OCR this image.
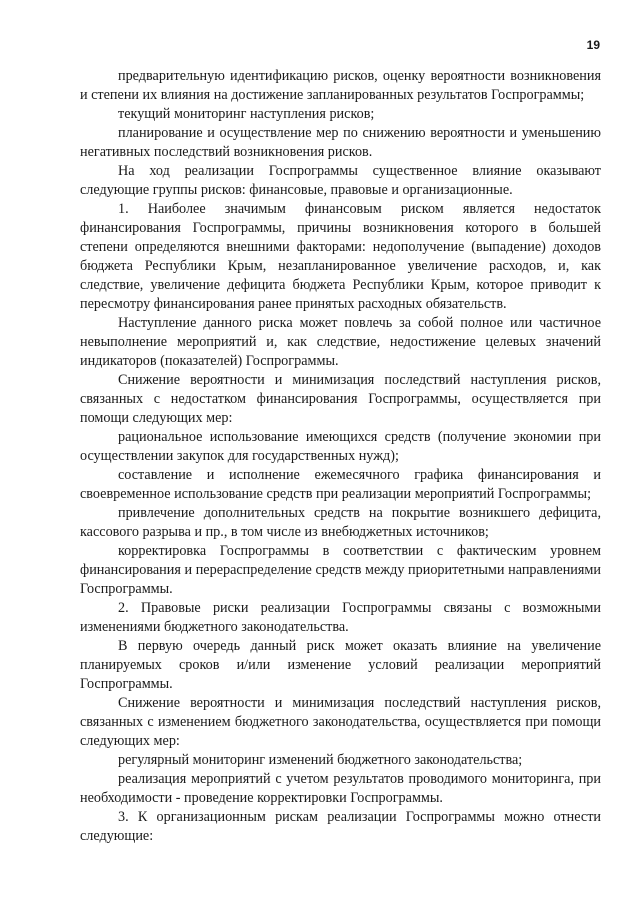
19

предварительную идентификацию рисков, оценку вероятности возникновения и степени их влияния на достижение запланированных результатов Госпрограммы;

текущий мониторинг наступления рисков;

планирование и осуществление мер по снижению вероятности и уменьшению негативных последствий возникновения рисков.

На ход реализации Госпрограммы существенное влияние оказывают следующие группы рисков: финансовые, правовые и организационные.

1. Наиболее значимым финансовым риском является недостаток финансирования Госпрограммы, причины возникновения которого в большей степени определяются внешними факторами: недополучение (выпадение) доходов бюджета Республики Крым, незапланированное увеличение расходов, и, как следствие, увеличение дефицита бюджета Республики Крым, которое приводит к пересмотру финансирования ранее принятых расходных обязательств.

Наступление данного риска может повлечь за собой полное или частичное невыполнение мероприятий и, как следствие, недостижение целевых значений индикаторов (показателей) Госпрограммы.

Снижение вероятности и минимизация последствий наступления рисков, связанных с недостатком финансирования Госпрограммы, осуществляется при помощи следующих мер:

рациональное использование имеющихся средств (получение экономии при осуществлении закупок для государственных нужд);

составление и исполнение ежемесячного графика финансирования и своевременное использование средств при реализации мероприятий Госпрограммы;

привлечение дополнительных средств на покрытие возникшего дефицита, кассового разрыва и пр., в том числе из внебюджетных источников;

корректировка Госпрограммы в соответствии с фактическим уровнем финансирования и перераспределение средств между приоритетными направлениями Госпрограммы.

2. Правовые риски реализации Госпрограммы связаны с возможными изменениями бюджетного законодательства.

В первую очередь данный риск может оказать влияние на увеличение планируемых сроков и/или изменение условий реализации мероприятий Госпрограммы.

Снижение вероятности и минимизация последствий наступления рисков, связанных с изменением бюджетного законодательства, осуществляется при помощи следующих мер:

регулярный мониторинг изменений бюджетного законодательства;

реализация мероприятий с учетом результатов проводимого мониторинга, при необходимости - проведение корректировки Госпрограммы.

3. К организационным рискам реализации Госпрограммы можно отнести следующие:
